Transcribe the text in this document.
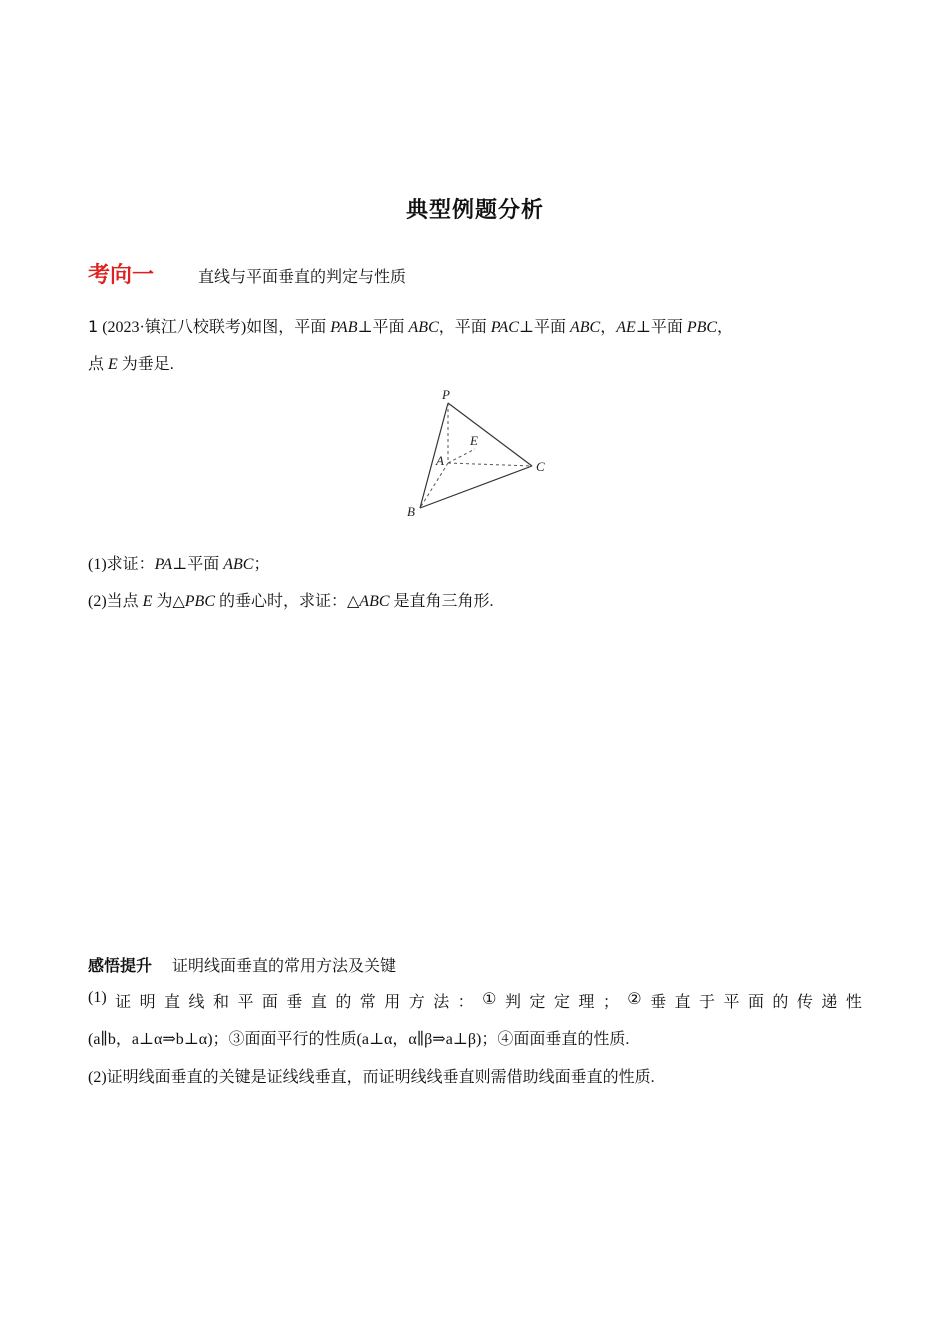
典型例题分析
考向一	直线与平面垂直的判定与性质
1 (2023·镇江八校联考)如图，平面 PAB⊥平面 ABC，平面 PAC⊥平面 ABC，AE⊥平面 PBC，
点 E 为垂足.
P
E
A	C
B
(1)求证：PA⊥平面 ABC；
(2)当点 E 为△PBC 的垂心时，求证：△ABC 是直角三角形.
感悟提升 证明线面垂直的常用方法及关键
(1) 证 明 直 线 和 平 面 垂 直 的 常 用 方 法 ： ① 判 定 定 理 ； ② 垂 直 于 平 面 的 传 递 性
(a∥b，a⊥α⇒b⊥α)；③面面平行的性质(a⊥α，α∥β⇒a⊥β)；④面面垂直的性质.
(2)证明线面垂直的关键是证线线垂直，而证明线线垂直则需借助线面垂直的性质.
